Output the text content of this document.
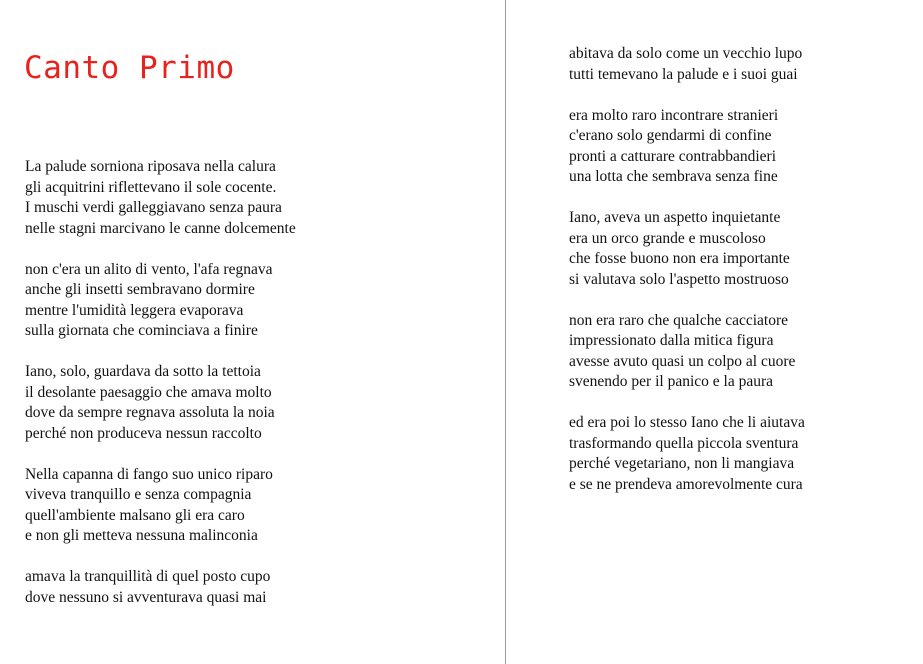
Canto Primo
La palude sorniona riposava nella calura
gli acquitrini riflettevano il sole cocente.
I muschi verdi galleggiavano senza paura
nelle stagni marcivano le canne dolcemente
non c'era un alito di vento, l'afa regnava
anche gli insetti sembravano dormire
mentre l'umidità leggera evaporava
sulla giornata che cominciava a finire
Iano, solo, guardava da sotto la tettoia
il desolante paesaggio che amava molto
dove da sempre regnava assoluta la noia
perché non produceva nessun raccolto
Nella capanna di fango suo unico riparo
viveva tranquillo e senza compagnia
quell'ambiente malsano gli era caro
e non gli metteva nessuna malinconia
amava la tranquillità di quel posto cupo
dove nessuno si avventurava quasi mai
abitava da solo come un vecchio lupo
tutti temevano la palude e i suoi guai
era molto raro incontrare stranieri
c'erano solo gendarmi di confine
pronti a catturare contrabbandieri
una lotta che sembrava senza fine
Iano, aveva un aspetto inquietante
era un orco grande e muscoloso
che fosse buono non era importante
si valutava solo l'aspetto mostruoso
non era raro che qualche cacciatore
impressionato dalla mitica figura
avesse avuto quasi un colpo al cuore
svenendo per il panico e la paura
ed era poi lo stesso Iano che li aiutava
trasformando quella piccola sventura
perché vegetariano, non li mangiava
e se ne prendeva amorevolmente cura
